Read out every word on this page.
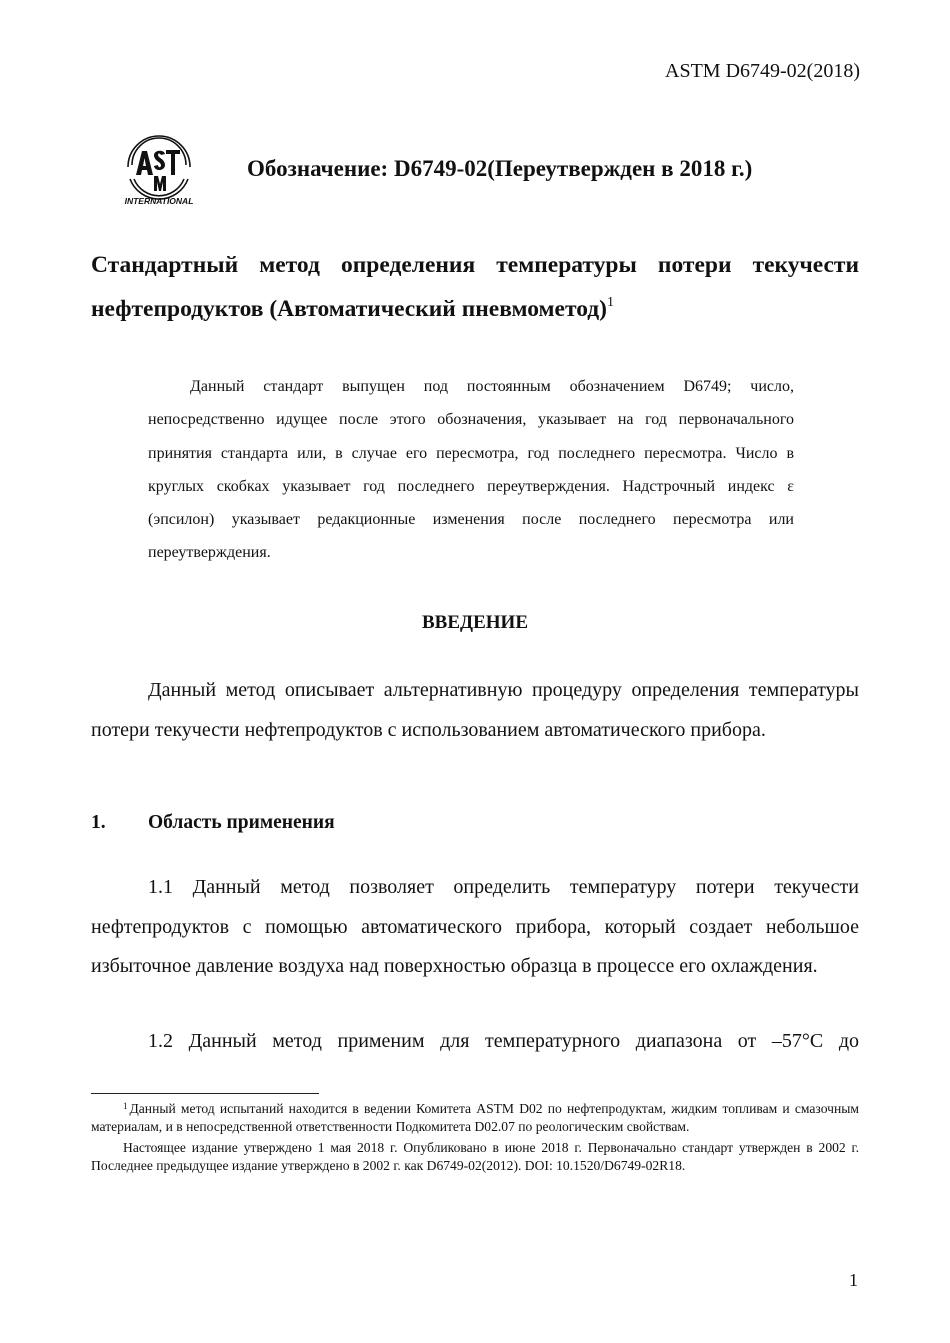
ASTM D6749-02(2018)
INTERNATIONAL
Обозначение: D6749-02(Переутвержден в 2018 г.)
Стандартный метод определения температуры потери текучести
нефтепродуктов (Автоматический пневмометод)$^1$
Данный стандарт выпущен под постоянным обозначением D6749; число, непосредственно идущее после этого обозначения, указывает на год первоначального принятия стандарта или, в случае его пересмотра, год последнего пересмотра. Число в круглых скобках указывает год последнего переутверждения. Надстрочный индекс ε (эпсилон) указывает редакционные изменения после последнего пересмотра или переутверждения.
ВВЕДЕНИЕ
Данный метод описывает альтернативную процедуру определения температуры потери текучести нефтепродуктов с использованием автоматического прибора.
1. Область применения
1.1 Данный метод позволяет определить температуру потери текучести нефтепродуктов с помощью автоматического прибора, который создает небольшое избыточное давление воздуха над поверхностью образца в процессе его охлаждения.
1.2 Данный метод применим для температурного диапазона от –57°С до

$^1$ Данный метод испытаний находится в ведении Комитета ASTM D02 по нефтепродуктам, жидким топливам и смазочным материалам, и в непосредственной ответственности Подкомитета D02.07 по реологическим свойствам.

Настоящее издание утверждено 1 мая 2018 г. Опубликовано в июне 2018 г. Первоначально стандарт утвержден в 2002 г. Последнее предыдущее издание утверждено в 2002 г. как D6749-02(2012). DOI: 10.1520/D6749-02R18.

1
